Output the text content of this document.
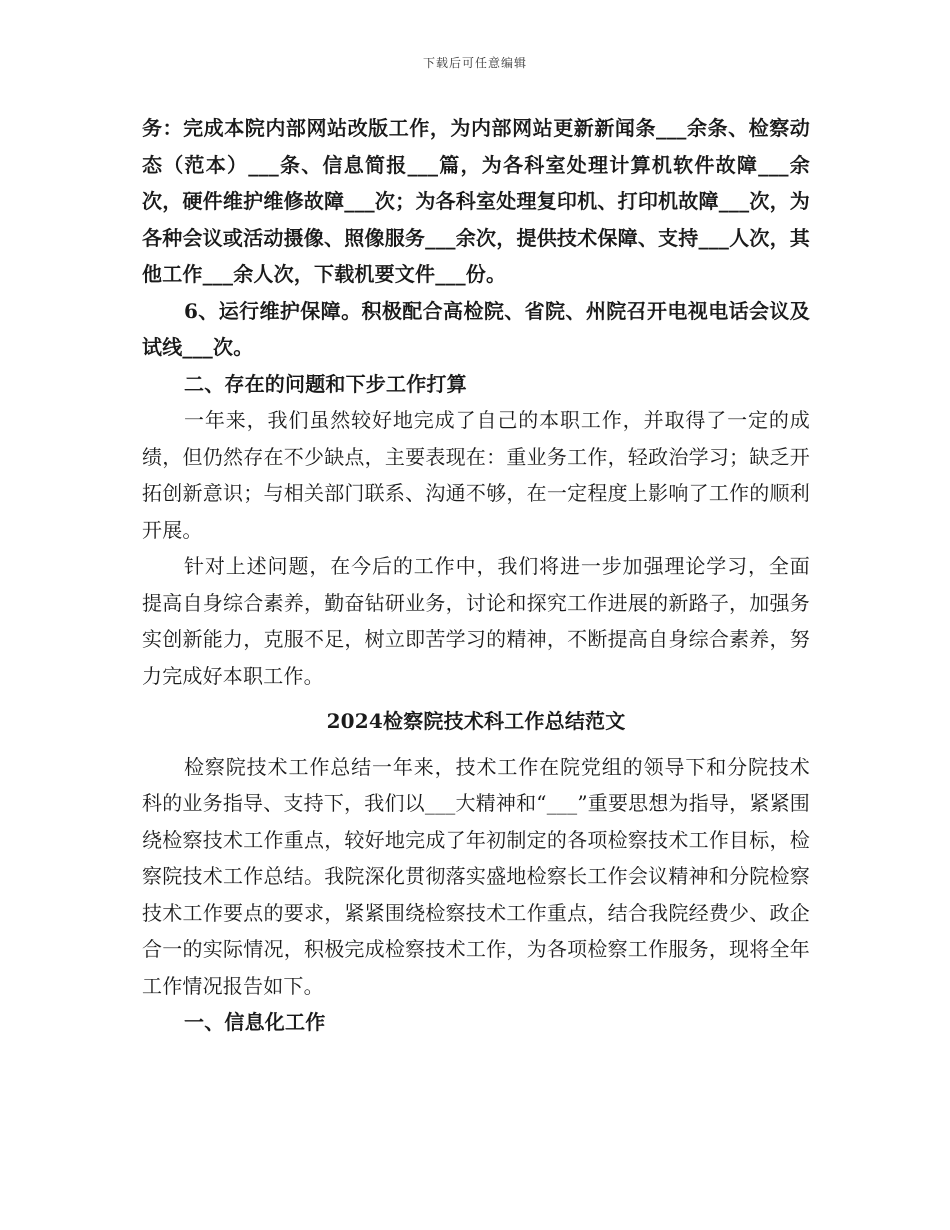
下载后可任意编辑

务：完成本院内部网站改版工作，为内部网站更新新闻条___余条、检察动态（范本）___条、信息简报___篇，为各科室处理计算机软件故障___余次，硬件维护维修故障___次；为各科室处理复印机、打印机故障___次，为各种会议或活动摄像、照像服务___余次，提供技术保障、支持___人次，其他工作___余人次，下载机要文件___份。

6、运行维护保障。积极配合高检院、省院、州院召开电视电话会议及试线___次。

二、存在的问题和下步工作打算

一年来，我们虽然较好地完成了自己的本职工作，并取得了一定的成绩，但仍然存在不少缺点，主要表现在：重业务工作，轻政治学习；缺乏开拓创新意识；与相关部门联系、沟通不够，在一定程度上影响了工作的顺利开展。

针对上述问题，在今后的工作中，我们将进一步加强理论学习，全面提高自身综合素养，勤奋钻研业务，讨论和探究工作进展的新路子，加强务实创新能力，克服不足，树立即苦学习的精神，不断提高自身综合素养，努力完成好本职工作。

2024检察院技术科工作总结范文

检察院技术工作总结一年来，技术工作在院党组的领导下和分院技术科的业务指导、支持下，我们以___大精神和“___”重要思想为指导，紧紧围绕检察技术工作重点，较好地完成了年初制定的各项检察技术工作目标，检察院技术工作总结。我院深化贯彻落实盛地检察长工作会议精神和分院检察技术工作要点的要求，紧紧围绕检察技术工作重点，结合我院经费少、政企合一的实际情况，积极完成检察技术工作，为各项检察工作服务，现将全年工作情况报告如下。

一、信息化工作
